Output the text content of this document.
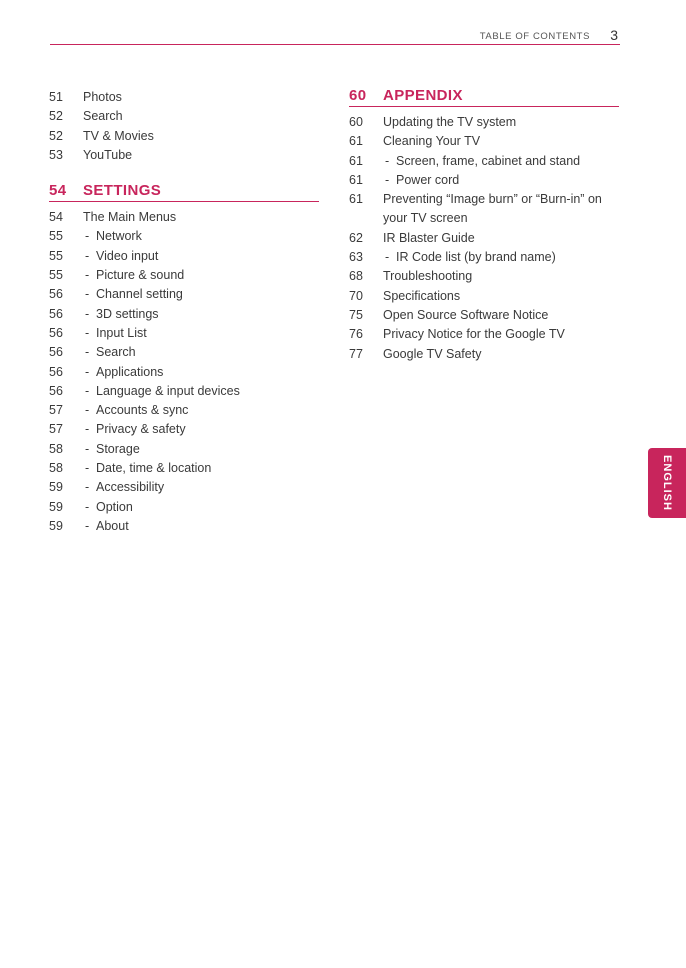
TABLE OF CONTENTS 3
51	Photos
52	Search
52	TV & Movies
53	YouTube
54	SETTINGS
54	The Main Menus
55	- Network
55	- Video input
55	- Picture & sound
56	- Channel setting
56	- 3D settings
56	- Input List
56	- Search
56	- Applications
56	- Language & input devices
57	- Accounts & sync
57	- Privacy & safety
58	- Storage
58	- Date, time & location
59	- Accessibility
59	- Option
59	- About
60	APPENDIX
60	Updating the TV system
61	Cleaning Your TV
61	- Screen, frame, cabinet and stand
61	- Power cord
61	Preventing “Image burn” or “Burn-in” on
your TV screen
62	IR Blaster Guide
63	- IR Code list (by brand name)
68	Troubleshooting
70	Specifications
75	Open Source Software Notice
76	Privacy Notice for the Google TV
77	Google TV Safety
ENGLISH
